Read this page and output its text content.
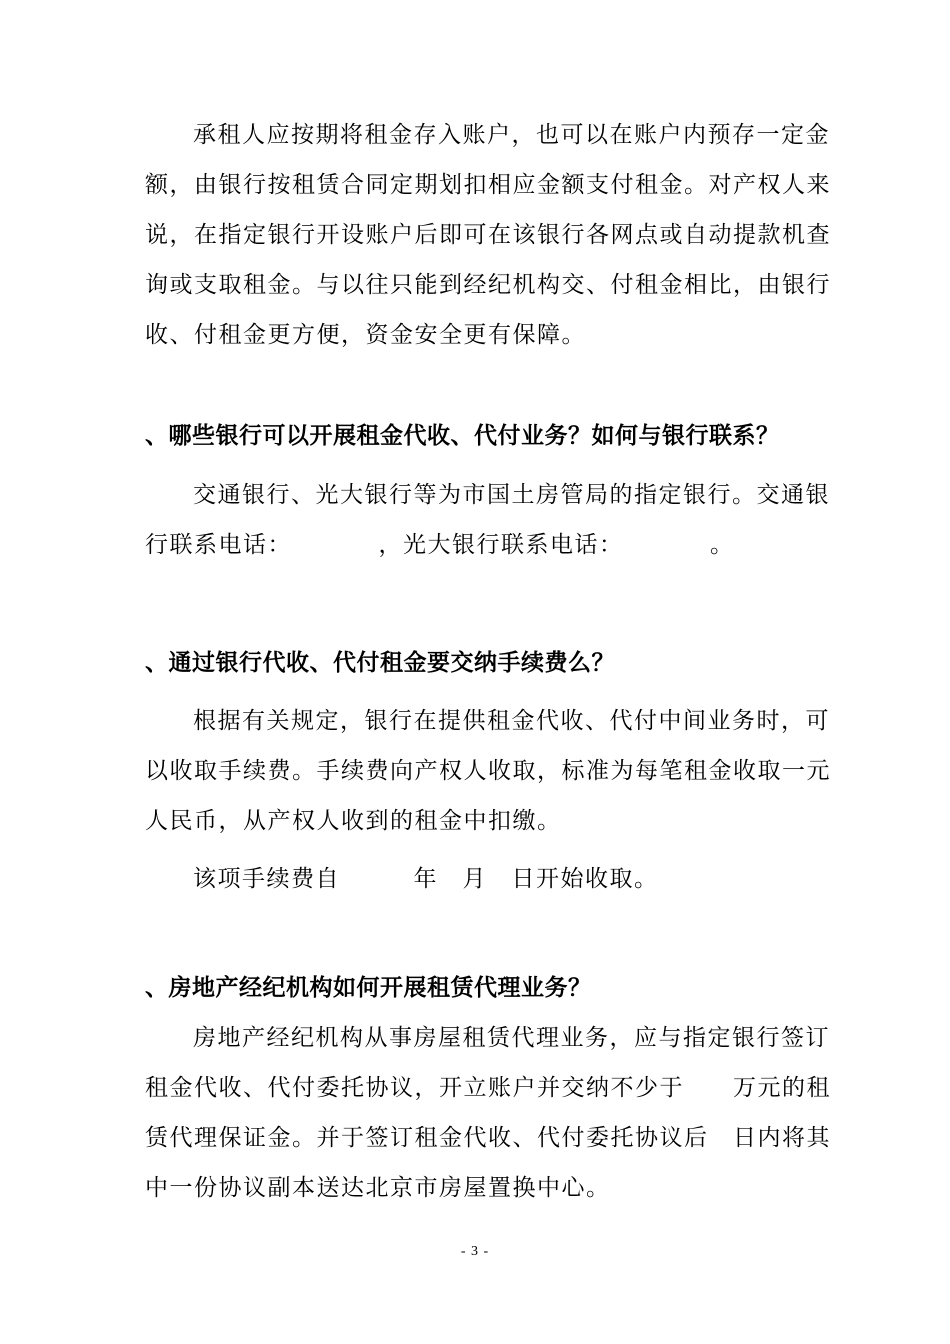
承租人应按期将租金存入账户，也可以在账户内预存一定金
额，由银行按租赁合同定期划扣相应金额支付租金。对产权人来
说，在指定银行开设账户后即可在该银行各网点或自动提款机查
询或支取租金。与以往只能到经纪机构交、付租金相比，由银行
收、付租金更方便，资金安全更有保障。
、哪些银行可以开展租金代收、代付业务？如何与银行联系？
交通银行、光大银行等为市国土房管局的指定银行。交通银
行联系电话：　　　　，光大银行联系电话：　　　　。
、通过银行代收、代付租金要交纳手续费么？
根据有关规定，银行在提供租金代收、代付中间业务时，可
以收取手续费。手续费向产权人收取，标准为每笔租金收取一元
人民币，从产权人收到的租金中扣缴。
该项手续费自　　　年　月　日开始收取。
、房地产经纪机构如何开展租赁代理业务？
房地产经纪机构从事房屋租赁代理业务，应与指定银行签订
租金代收、代付委托协议，开立账户并交纳不少于　　万元的租
赁代理保证金。并于签订租金代收、代付委托协议后　日内将其
中一份协议副本送达北京市房屋置换中心。
- 3 -
